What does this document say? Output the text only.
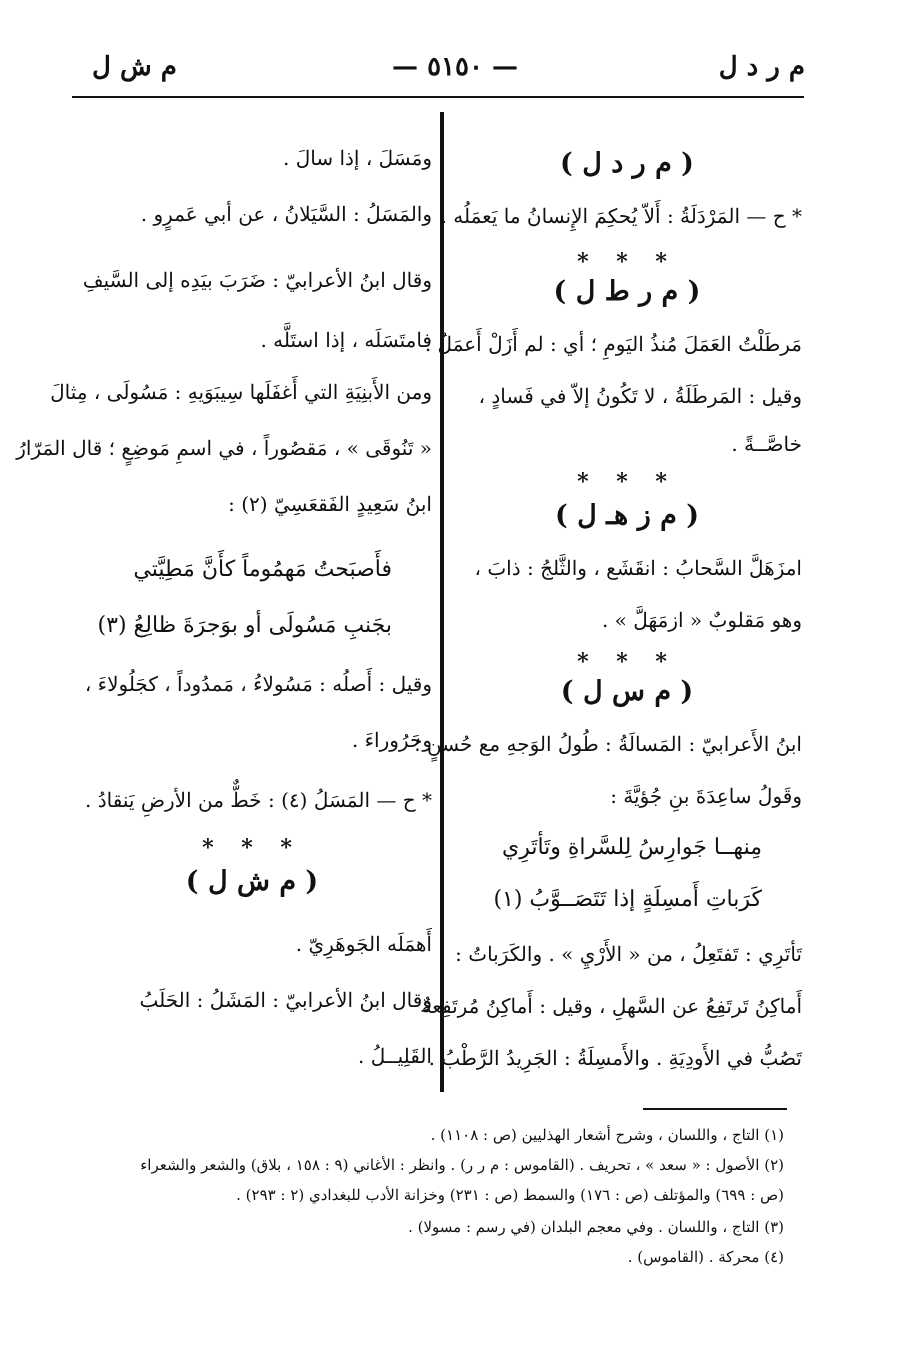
م ر د ل
— ٥١٥٠ —
م ش ل
( م ر د ل )
* ح — المَرْدَلَةُ : أَلاّ يُحكِمَ الإِنسانُ ما يَعمَلُه .
* * *
( م ر ط ل )
مَرطَلْتُ العَمَلَ مُنذُ اليَومِ ؛ أي : لم أَزَلْ أَعمَلُ .
وقيل : المَرطَلَةُ ، لا تَكُونُ إلاّ في فَسادٍ ،
خاصَّــةً .
* * *
( م ز هـ ل )
امزَهَلَّ السَّحابُ : انقَشَع ، والثَّلجُ : ذابَ ،
وهو مَقلوبٌ « ازمَهَلَّ » .
* * *
( م س ل )
ابنُ الأَعرابيّ : المَسالَةُ : طُولُ الوَجهِ مع حُسنٍ ؛
وقَولُ ساعِدَةَ بنِ جُؤيَّةَ :
مِنهــا جَوارِسُ لِلسَّراةِ وتَأتَرِي
كَرَباتِ أَمسِلَةٍ إذا تَتَصَــوَّبُ (١)
تَأتَرِي : تَفتَعِلُ ، من « الأَرْيِ » . والكَرَباتُ :
أَماكِنُ تَرتَفِعُ عن السَّهلِ ، وقيل : أَماكِنُ مُرتَفِعةٌ
تَصُبُّ في الأَودِيَةِ . والأَمسِلَةُ : الجَرِيدُ الرَّطْبُ .
ومَسَلَ ، إذا سالَ .
والمَسَلُ : السَّيَلانُ ، عن أبي عَمرٍو .
وقال ابنُ الأعرابيّ : ضَرَبَ بيَدِه إلى السَّيفِ
فامتَسَلَه ، إذا استَلَّه .
ومن الأَبنِيَةِ التي أَغفَلَها سِيبَوَيهِ : مَسُولَى ، مِثالَ
« تَنُوقَى » ، مَقصُوراً ، في اسمِ مَوضِعٍ ؛ قال المَرّارُ
ابنُ سَعِيدٍ الفَقعَسِيّ (٢) :
فأَصبَحتُ مَهمُوماً كأَنَّ مَطِيَّتي
بجَنبِ مَسُولَى أو بوَجرَةَ ظالِعُ (٣)
وقيل : أَصلُه : مَسُولاءُ ، مَمدُوداً ، كجَلُولاءَ ،
وحَرُوراءَ .
* ح — المَسَلُ (٤) : خَطٌّ من الأرضِ يَنقادُ .
* * *
( م ش ل )
أَهمَلَه الجَوهَرِيّ .
وقال ابنُ الأعرابيّ : المَشَلُ : الحَلَبُ
القَلِيــلُ .
(١) التاج ، واللسان ، وشرح أشعار الهذليين (ص : ١١٠٨) .
(٢) الأصول : « سعد » ، تحريف . (القاموس : م ر ر) . وانظر : الأغاني (٩ : ١٥٨ ، بلاق) والشعر والشعراء
(ص : ٦٩٩) والمؤتلف (ص : ١٧٦) والسمط (ص : ٢٣١) وخزانة الأدب للبغدادي (٢ : ٢٩٣) .
(٣) التاج ، واللسان . وفي معجم البلدان (في رسم : مسولا) .
(٤) محركة . (القاموس) .
